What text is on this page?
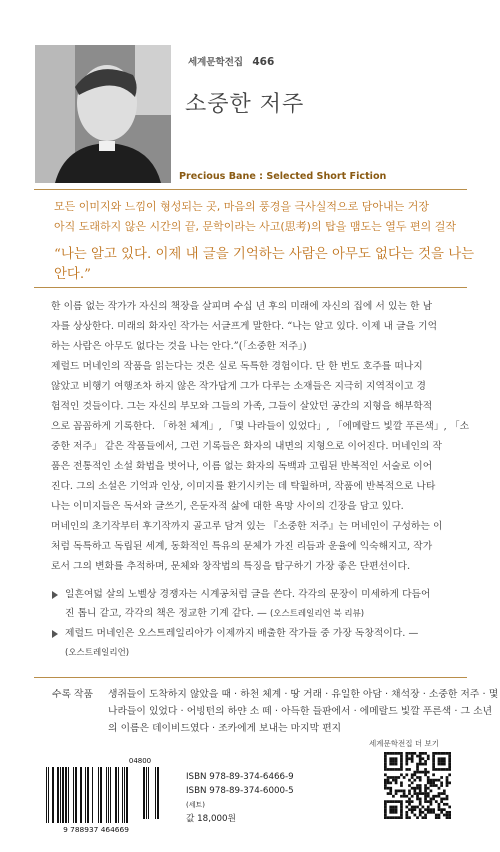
세계문학전집 466
소중한 저주
Precious Bane : Selected Short Fiction
모든 이미지와 느낌이 형성되는 곳, 마음의 풍경을 극사실적으로 담아내는 거장
아직 도래하지 않은 시간의 끝, 문학이라는 사고(思考)의 탑을 맴도는 열두 편의 걸작
“나는 알고 있다. 이제 내 글을 기억하는 사람은 아무도 없다는 것을 나는 안다.”

한 이름 없는 작가가 자신의 책장을 살피며 수십 년 후의 미래에 자신의 집에 서 있는 한 남

자를 상상한다. 미래의 화자인 작가는 서글프게 말한다. “나는 알고 있다. 이제 내 글을 기억

하는 사람은 아무도 없다는 것을 나는 안다.”(「소중한 저주」)

제럴드 머네인의 작품을 읽는다는 것은 실로 독특한 경험이다. 단 한 번도 호주를 떠나지

않았고 비행기 여행조차 하지 않은 작가답게 그가 다루는 소재들은 지극히 지역적이고 경

험적인 것들이다. 그는 자신의 부모와 그들의 가족, 그들이 살았던 공간의 지형을 해부학적

으로 꼼꼼하게 기록한다. 「하천 체계」, 「몇 나라들이 있었다」, 「에메랄드 빛깔 푸른색」, 「소

중한 저주」 같은 작품들에서, 그런 기록들은 화자의 내면의 지형으로 이어진다. 머네인의 작

품은 전통적인 소설 화법을 벗어나, 이름 없는 화자의 독백과 고립된 반복적인 서술로 이어

진다. 그의 소설은 기억과 인상, 이미지를 환기시키는 데 탁월하며, 작품에 반복적으로 나타

나는 이미지들은 독서와 글쓰기, 은둔자적 삶에 대한 욕망 사이의 긴장을 담고 있다.

머네인의 초기작부터 후기작까지 골고루 담겨 있는 『소중한 저주』는 머네인이 구성하는 이

처럼 독특하고 독립된 세계, 동화적인 특유의 문체가 가진 리듬과 운율에 익숙해지고, 작가

로서 그의 변화를 추적하며, 문체와 창작법의 특징을 탐구하기 가장 좋은 단편선이다.

일흔여덟 살의 노벨상 경쟁자는 시계공처럼 글을 쓴다. 각각의 문장이 미세하게 다듬어
진 톱니 같고, 각각의 책은 정교한 기계 같다. — (오스트레일리언 북 리뷰)
제럴드 머네인은 오스트레일리아가 이제까지 배출한 작가들 중 가장 독창적이다. —
(오스트레일리언)
수록 작품 생쥐들이 도착하지 않았을 때 · 하천 체계 · 땅 거래 · 유일한 아담 · 채석장 · 소중한 저주 · 몇
나라들이 있었다 · 어빙턴의 하얀 소 떼 · 아득한 들판에서 · 에메랄드 빛깔 푸른색 · 그 소년
의 이름은 데이비드였다 · 조카에게 보내는 마지막 편지
세계문학전집 더 보기
04800
9 788937 464669
ISBN 978-89-374-6466-9
ISBN 978-89-374-6000-5
(세트)
값 18,000원
